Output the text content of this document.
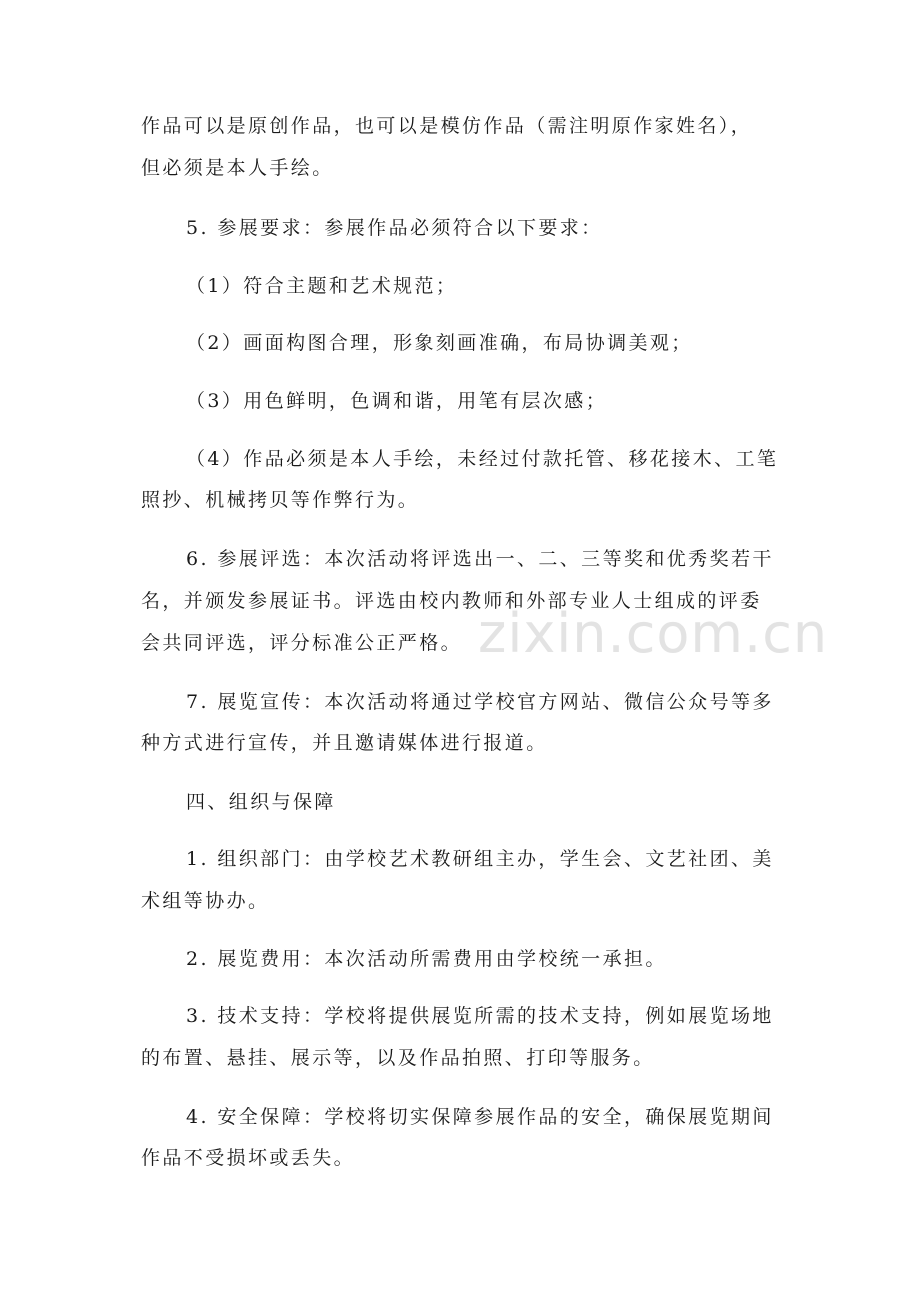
zixin.com.cn

作品可以是原创作品，也可以是模仿作品（需注明原作家姓名），

但必须是本人手绘。

5. 参展要求：参展作品必须符合以下要求：

（1）符合主题和艺术规范；

（2）画面构图合理，形象刻画准确，布局协调美观；

（3）用色鲜明，色调和谐，用笔有层次感；

（4）作品必须是本人手绘，未经过付款托管、移花接木、工笔

照抄、机械拷贝等作弊行为。

6. 参展评选：本次活动将评选出一、二、三等奖和优秀奖若干

名，并颁发参展证书。评选由校内教师和外部专业人士组成的评委

会共同评选，评分标准公正严格。

7. 展览宣传：本次活动将通过学校官方网站、微信公众号等多

种方式进行宣传，并且邀请媒体进行报道。

四、组织与保障

1. 组织部门：由学校艺术教研组主办，学生会、文艺社团、美

术组等协办。

2. 展览费用：本次活动所需费用由学校统一承担。

3. 技术支持：学校将提供展览所需的技术支持，例如展览场地

的布置、悬挂、展示等，以及作品拍照、打印等服务。

4. 安全保障：学校将切实保障参展作品的安全，确保展览期间

作品不受损坏或丢失。
